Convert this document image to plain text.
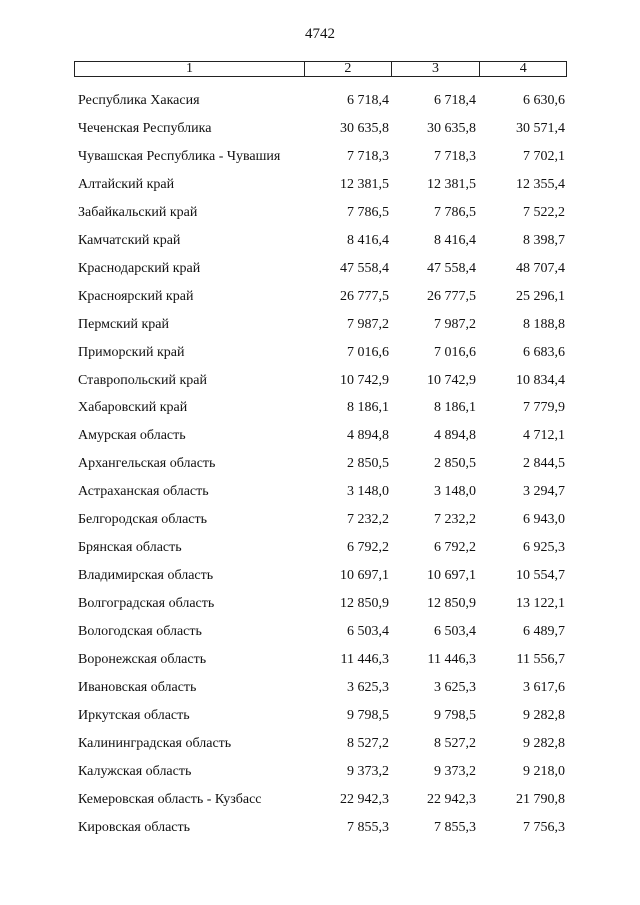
4742
1	2	3	4
Республика Хакасия	6 718,4	6 718,4	6 630,6
Чеченская Республика	30 635,8	30 635,8	30 571,4
Чувашская Республика - Чувашия	7 718,3	7 718,3	7 702,1
Алтайский край	12 381,5	12 381,5	12 355,4
Забайкальский край	7 786,5	7 786,5	7 522,2
Камчатский край	8 416,4	8 416,4	8 398,7
Краснодарский край	47 558,4	47 558,4	48 707,4
Красноярский край	26 777,5	26 777,5	25 296,1
Пермский край	7 987,2	7 987,2	8 188,8
Приморский край	7 016,6	7 016,6	6 683,6
Ставропольский край	10 742,9	10 742,9	10 834,4
Хабаровский край	8 186,1	8 186,1	7 779,9
Амурская область	4 894,8	4 894,8	4 712,1
Архангельская область	2 850,5	2 850,5	2 844,5
Астраханская область	3 148,0	3 148,0	3 294,7
Белгородская область	7 232,2	7 232,2	6 943,0
Брянская область	6 792,2	6 792,2	6 925,3
Владимирская область	10 697,1	10 697,1	10 554,7
Волгоградская область	12 850,9	12 850,9	13 122,1
Вологодская область	6 503,4	6 503,4	6 489,7
Воронежская область	11 446,3	11 446,3	11 556,7
Ивановская область	3 625,3	3 625,3	3 617,6
Иркутская область	9 798,5	9 798,5	9 282,8
Калининградская область	8 527,2	8 527,2	9 282,8
Калужская область	9 373,2	9 373,2	9 218,0
Кемеровская область - Кузбасс	22 942,3	22 942,3	21 790,8
Кировская область	7 855,3	7 855,3	7 756,3
